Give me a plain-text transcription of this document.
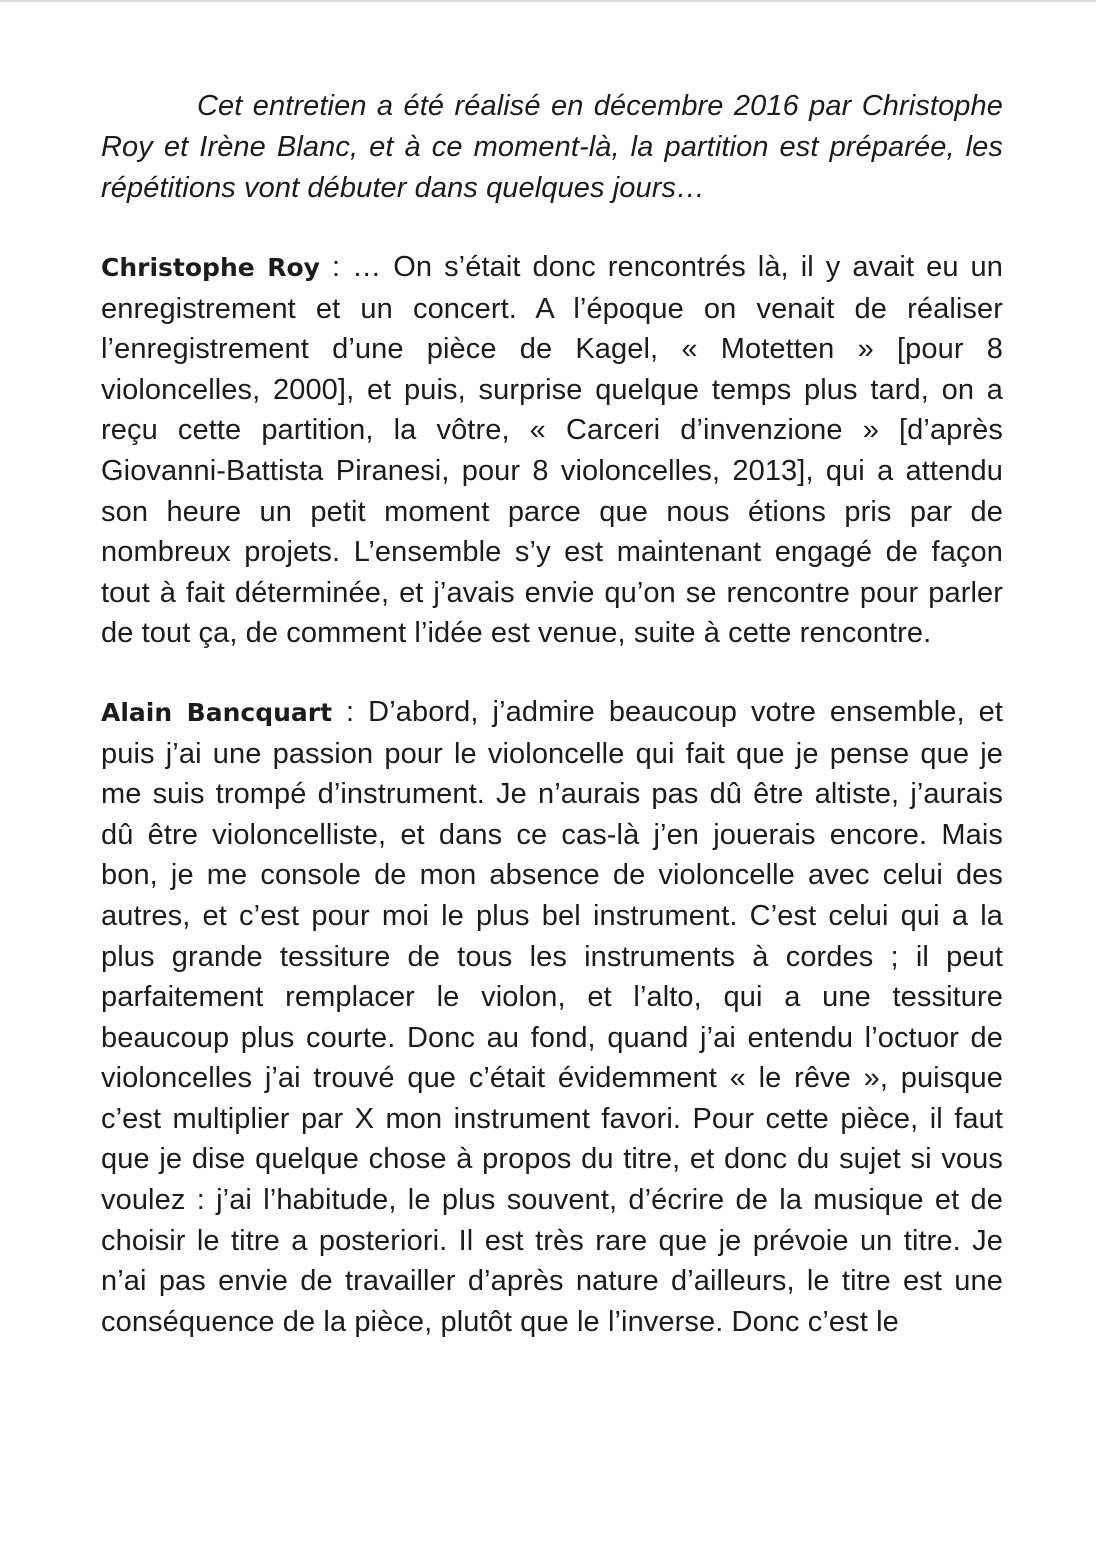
Cet entretien a été réalisé en décembre 2016 par Christophe Roy et Irène Blanc, et à ce moment-là, la partition est préparée, les répétitions vont débuter dans quelques jours…

Christophe Roy : … On s’était donc rencontrés là, il y avait eu un enregistrement et un concert. A l’époque on venait de réaliser l’enregistrement d’une pièce de Kagel, « Motetten » [pour 8 violoncelles, 2000], et puis, surprise quelque temps plus tard, on a reçu cette partition, la vôtre, « Carceri d’invenzione » [d’après Giovanni-Battista Piranesi, pour 8 violoncelles, 2013], qui a attendu son heure un petit moment parce que nous étions pris par de nombreux projets. L’ensemble s’y est maintenant engagé de façon tout à fait déterminée, et j’avais envie qu’on se rencontre pour parler de tout ça, de comment l’idée est venue, suite à cette rencontre.

Alain Bancquart : D’abord, j’admire beaucoup votre ensemble, et puis j’ai une passion pour le violoncelle qui fait que je pense que je me suis trompé d’instrument. Je n’aurais pas dû être altiste, j’aurais dû être violoncelliste, et dans ce cas-là j’en jouerais encore. Mais bon, je me console de mon absence de violoncelle avec celui des autres, et c’est pour moi le plus bel instrument. C’est celui qui a la plus grande tessiture de tous les instruments à cordes ; il peut parfaitement remplacer le violon, et l’alto, qui a une tessiture beaucoup plus courte. Donc au fond, quand j’ai entendu l’octuor de violoncelles j’ai trouvé que c’était évidemment « le rêve », puisque c’est multiplier par X mon instrument favori. Pour cette pièce, il faut que je dise quelque chose à propos du titre, et donc du sujet si vous voulez : j’ai l’habitude, le plus souvent, d’écrire de la musique et de choisir le titre a posteriori. Il est très rare que je prévoie un titre. Je n’ai pas envie de travailler d’après nature d’ailleurs, le titre est une conséquence de la pièce, plutôt que le l’inverse. Donc c’est le
